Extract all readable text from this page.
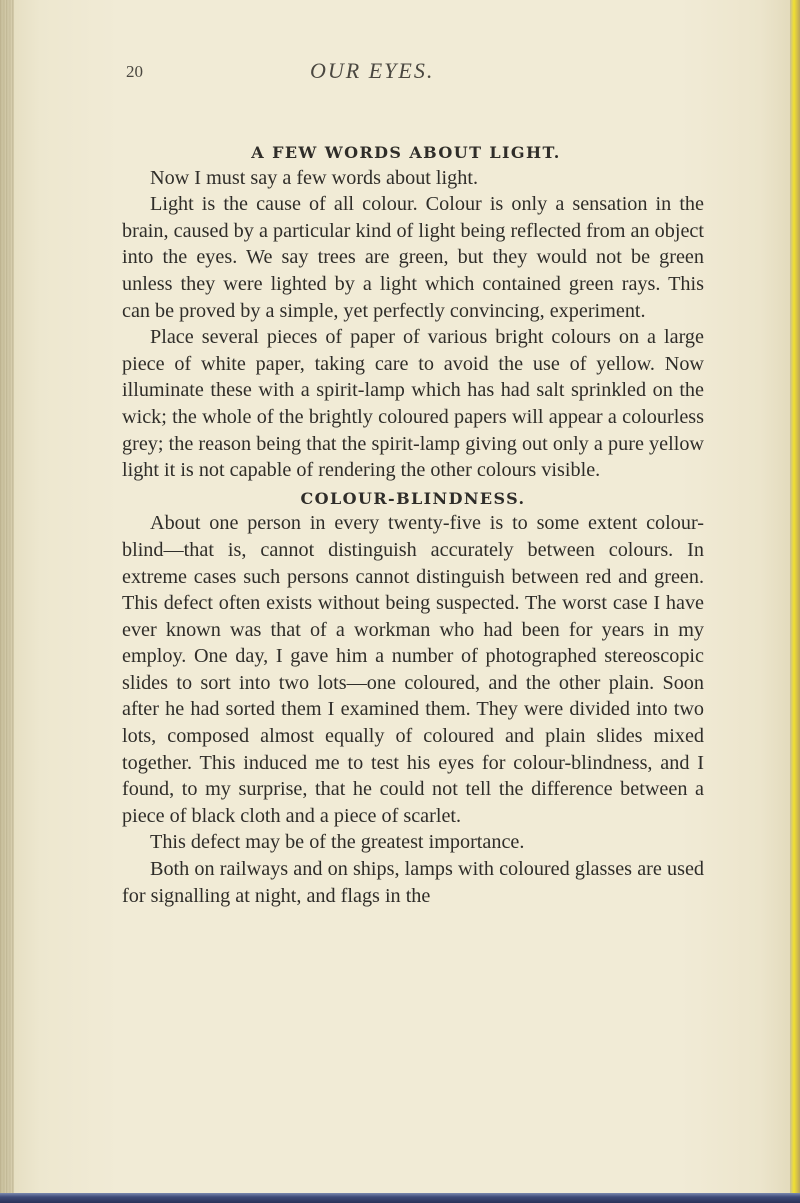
20	OUR EYES.
A FEW WORDS ABOUT LIGHT.

Now I must say a few words about light.

Light is the cause of all colour. Colour is only a sensation in the brain, caused by a particular kind of light being reflected from an object into the eyes. We say trees are green, but they would not be green unless they were lighted by a light which contained green rays. This can be proved by a simple, yet perfectly convincing, experiment.

Place several pieces of paper of various bright colours on a large piece of white paper, taking care to avoid the use of yellow. Now illuminate these with a spirit-lamp which has had salt sprinkled on the wick; the whole of the brightly coloured papers will appear a colourless grey; the reason being that the spirit-lamp giving out only a pure yellow light it is not capable of rendering the other colours visible.

COLOUR-BLINDNESS.

About one person in every twenty-five is to some extent colour-blind—that is, cannot distinguish accurately between colours. In extreme cases such persons cannot distinguish between red and green. This defect often exists without being suspected. The worst case I have ever known was that of a workman who had been for years in my employ. One day, I gave him a number of photographed stereoscopic slides to sort into two lots—one coloured, and the other plain. Soon after he had sorted them I examined them. They were divided into two lots, composed almost equally of coloured and plain slides mixed together. This induced me to test his eyes for colour-blindness, and I found, to my surprise, that he could not tell the difference between a piece of black cloth and a piece of scarlet.

This defect may be of the greatest importance.

Both on railways and on ships, lamps with coloured glasses are used for signalling at night, and flags in the
